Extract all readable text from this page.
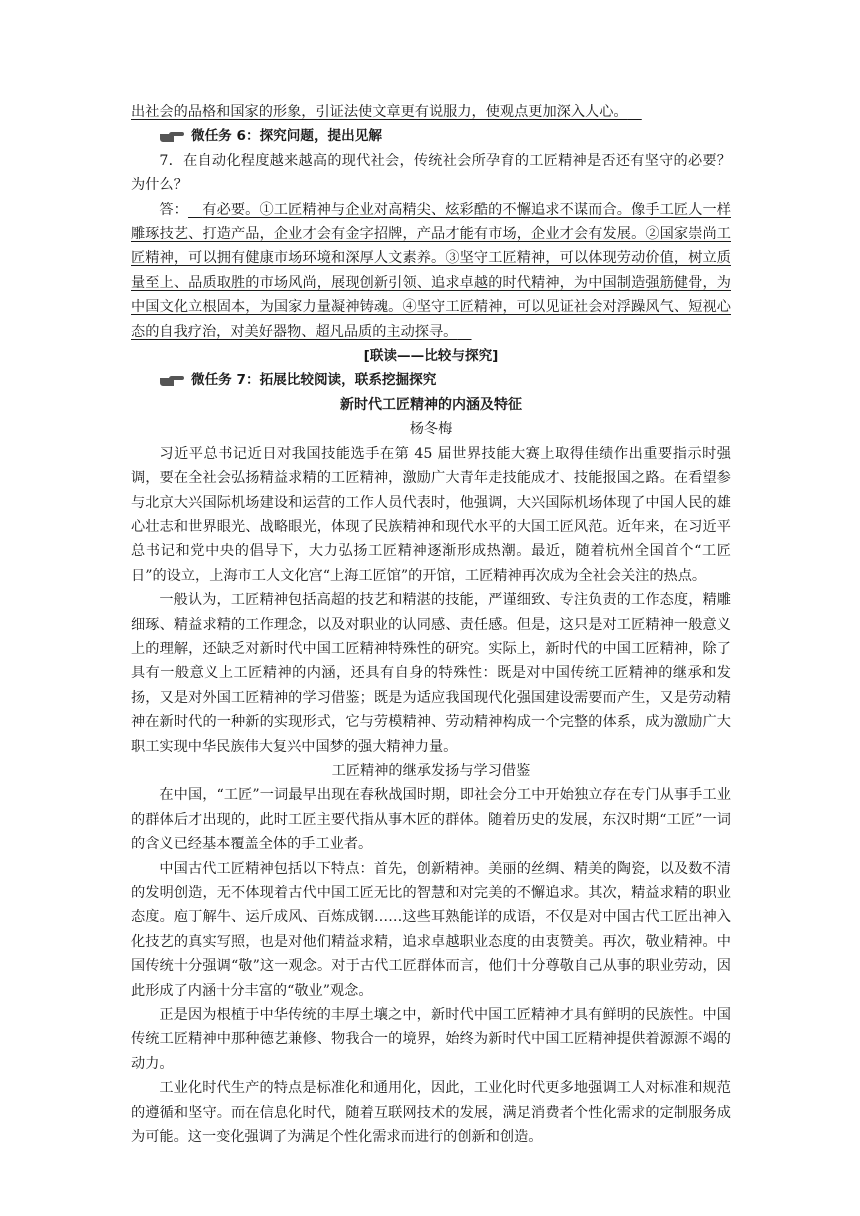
出社会的品格和国家的形象，引证法使文章更有说服力，使观点更加深入人心。 

微任务 6：探究问题，提出见解

7．在自动化程度越来越高的现代社会，传统社会所孕育的工匠精神是否还有坚守的必要？为什么？

答：  有必要。①工匠精神与企业对高精尖、炫彩酷的不懈追求不谋而合。像手工匠人一样雕琢技艺、打造产品，企业才会有金字招牌，产品才能有市场，企业才会有发展。②国家崇尚工匠精神，可以拥有健康市场环境和深厚人文素养。③坚守工匠精神，可以体现劳动价值，树立质量至上、品质取胜的市场风尚，展现创新引领、追求卓越的时代精神，为中国制造强筋健骨，为中国文化立根固本，为国家力量凝神铸魂。④坚守工匠精神，可以见证社会对浮躁风气、短视心态的自我疗治，对美好器物、超凡品质的主动探寻。 

[联读——比较与探究]

微任务 7：拓展比较阅读，联系挖掘探究

新时代工匠精神的内涵及特征

杨冬梅

习近平总书记近日对我国技能选手在第 45 届世界技能大赛上取得佳绩作出重要指示时强调，要在全社会弘扬精益求精的工匠精神，激励广大青年走技能成才、技能报国之路。在看望参与北京大兴国际机场建设和运营的工作人员代表时，他强调，大兴国际机场体现了中国人民的雄心壮志和世界眼光、战略眼光，体现了民族精神和现代水平的大国工匠风范。近年来，在习近平总书记和党中央的倡导下，大力弘扬工匠精神逐渐形成热潮。最近，随着杭州全国首个“工匠日”的设立，上海市工人文化宫“上海工匠馆”的开馆，工匠精神再次成为全社会关注的热点。

一般认为，工匠精神包括高超的技艺和精湛的技能，严谨细致、专注负责的工作态度，精雕细琢、精益求精的工作理念，以及对职业的认同感、责任感。但是，这只是对工匠精神一般意义上的理解，还缺乏对新时代中国工匠精神特殊性的研究。实际上，新时代的中国工匠精神，除了具有一般意义上工匠精神的内涵，还具有自身的特殊性：既是对中国传统工匠精神的继承和发扬，又是对外国工匠精神的学习借鉴；既是为适应我国现代化强国建设需要而产生，又是劳动精神在新时代的一种新的实现形式，它与劳模精神、劳动精神构成一个完整的体系，成为激励广大职工实现中华民族伟大复兴中国梦的强大精神力量。

工匠精神的继承发扬与学习借鉴

在中国，“工匠”一词最早出现在春秋战国时期，即社会分工中开始独立存在专门从事手工业的群体后才出现的，此时工匠主要代指从事木匠的群体。随着历史的发展，东汉时期“工匠”一词的含义已经基本覆盖全体的手工业者。

中国古代工匠精神包括以下特点：首先，创新精神。美丽的丝绸、精美的陶瓷，以及数不清的发明创造，无不体现着古代中国工匠无比的智慧和对完美的不懈追求。其次，精益求精的职业态度。庖丁解牛、运斤成风、百炼成钢……这些耳熟能详的成语，不仅是对中国古代工匠出神入化技艺的真实写照，也是对他们精益求精，追求卓越职业态度的由衷赞美。再次，敬业精神。中国传统十分强调“敬”这一观念。对于古代工匠群体而言，他们十分尊敬自己从事的职业劳动，因此形成了内涵十分丰富的“敬业”观念。

正是因为根植于中华传统的丰厚土壤之中，新时代中国工匠精神才具有鲜明的民族性。中国传统工匠精神中那种德艺兼修、物我合一的境界，始终为新时代中国工匠精神提供着源源不竭的动力。

工业化时代生产的特点是标准化和通用化，因此，工业化时代更多地强调工人对标准和规范的遵循和坚守。而在信息化时代，随着互联网技术的发展，满足消费者个性化需求的定制服务成为可能。这一变化强调了为满足个性化需求而进行的创新和创造。
